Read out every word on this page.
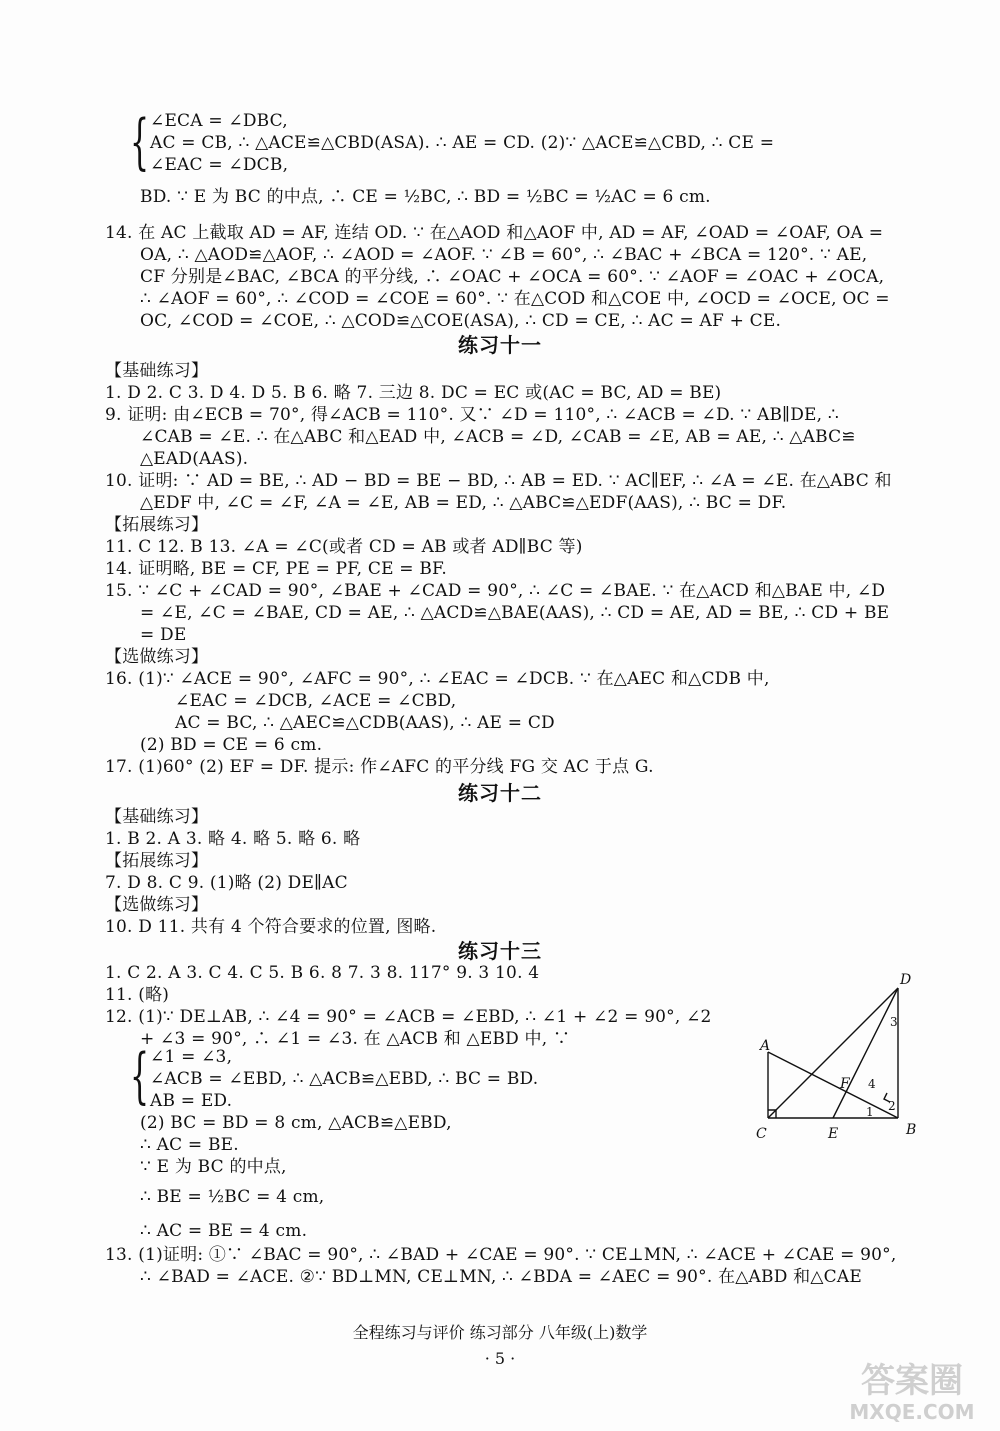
{ ∠ECA = ∠DBC,
AC = CB, ∴ △ACE≌△CBD(ASA). ∴ AE = CD. (2)∵ △ACE≌△CBD, ∴ CE =
∠EAC = ∠DCB,
BD. ∵ E 为 BC 的中点, ∴ CE = ½BC, ∴ BD = ½BC = ½AC = 6 cm.
14. 在 AC 上截取 AD = AF, 连结 OD. ∵ 在△AOD 和△AOF 中, AD = AF, ∠OAD = ∠OAF, OA =
OA, ∴ △AOD≌△AOF, ∴ ∠AOD = ∠AOF. ∵ ∠B = 60°, ∴ ∠BAC + ∠BCA = 120°. ∵ AE,
CF 分别是∠BAC, ∠BCA 的平分线, ∴ ∠OAC + ∠OCA = 60°. ∵ ∠AOF = ∠OAC + ∠OCA,
∴ ∠AOF = 60°, ∴ ∠COD = ∠COE = 60°. ∵ 在△COD 和△COE 中, ∠OCD = ∠OCE, OC =
OC, ∠COD = ∠COE, ∴ △COD≌△COE(ASA), ∴ CD = CE, ∴ AC = AF + CE.
练习十一
【基础练习】
1. D 2. C 3. D 4. D 5. B 6. 略 7. 三边 8. DC = EC 或(AC = BC, AD = BE)
9. 证明: 由∠ECB = 70°, 得∠ACB = 110°. 又∵ ∠D = 110°, ∴ ∠ACB = ∠D. ∵ AB∥DE, ∴
∠CAB = ∠E. ∴ 在△ABC 和△EAD 中, ∠ACB = ∠D, ∠CAB = ∠E, AB = AE, ∴ △ABC≌
△EAD(AAS).
10. 证明: ∵ AD = BE, ∴ AD − BD = BE − BD, ∴ AB = ED. ∵ AC∥EF, ∴ ∠A = ∠E. 在△ABC 和
△EDF 中, ∠C = ∠F, ∠A = ∠E, AB = ED, ∴ △ABC≌△EDF(AAS), ∴ BC = DF.
【拓展练习】
11. C 12. B 13. ∠A = ∠C(或者 CD = AB 或者 AD∥BC 等)
14. 证明略, BE = CF, PE = PF, CE = BF.
15. ∵ ∠C + ∠CAD = 90°, ∠BAE + ∠CAD = 90°, ∴ ∠C = ∠BAE. ∵ 在△ACD 和△BAE 中, ∠D
= ∠E, ∠C = ∠BAE, CD = AE, ∴ △ACD≌△BAE(AAS), ∴ CD = AE, AD = BE, ∴ CD + BE
= DE
【选做练习】
16. (1)∵ ∠ACE = 90°, ∠AFC = 90°, ∴ ∠EAC = ∠DCB. ∵ 在△AEC 和△CDB 中,
∠EAC = ∠DCB, ∠ACE = ∠CBD,
AC = BC, ∴ △AEC≌△CDB(AAS), ∴ AE = CD
(2) BD = CE = 6 cm.
17. (1)60° (2) EF = DF. 提示: 作∠AFC 的平分线 FG 交 AC 于点 G.
练习十二
【基础练习】
1. B 2. A 3. 略 4. 略 5. 略 6. 略
【拓展练习】
7. D 8. C 9. (1)略 (2) DE∥AC
【选做练习】
10. D 11. 共有 4 个符合要求的位置, 图略.
练习十三
1. C 2. A 3. C 4. C 5. B 6. 8 7. 3 8. 117° 9. 3 10. 4
11. (略)
12. (1)∵ DE⊥AB, ∴ ∠4 = 90° = ∠ACB = ∠EBD, ∴ ∠1 + ∠2 = 90°, ∠2
+ ∠3 = 90°, ∴ ∠1 = ∠3. 在 △ACB 和 △EBD 中, ∵
{ ∠1 = ∠3,
∠ACB = ∠EBD, ∴ △ACB≌△EBD, ∴ BC = BD.
AB = ED.
(2) BC = BD = 8 cm, △ACB≌△EBD,
∴ AC = BE.
∵ E 为 BC 的中点,
∴ BE = ½BC = 4 cm,
∴ AC = BE = 4 cm.
13. (1)证明: ①∵ ∠BAC = 90°, ∴ ∠BAD + ∠CAE = 90°. ∵ CE⊥MN, ∴ ∠ACE + ∠CAE = 90°,
∴ ∠BAD = ∠ACE. ②∵ BD⊥MN, CE⊥MN, ∴ ∠BDA = ∠AEC = 90°. 在△ABD 和△CAE
D
A
F
C	E	B
1 2
3
4
全程练习与评价 练习部分 八年级(上)数学
· 5 ·
答案圈
MXQE.COM
